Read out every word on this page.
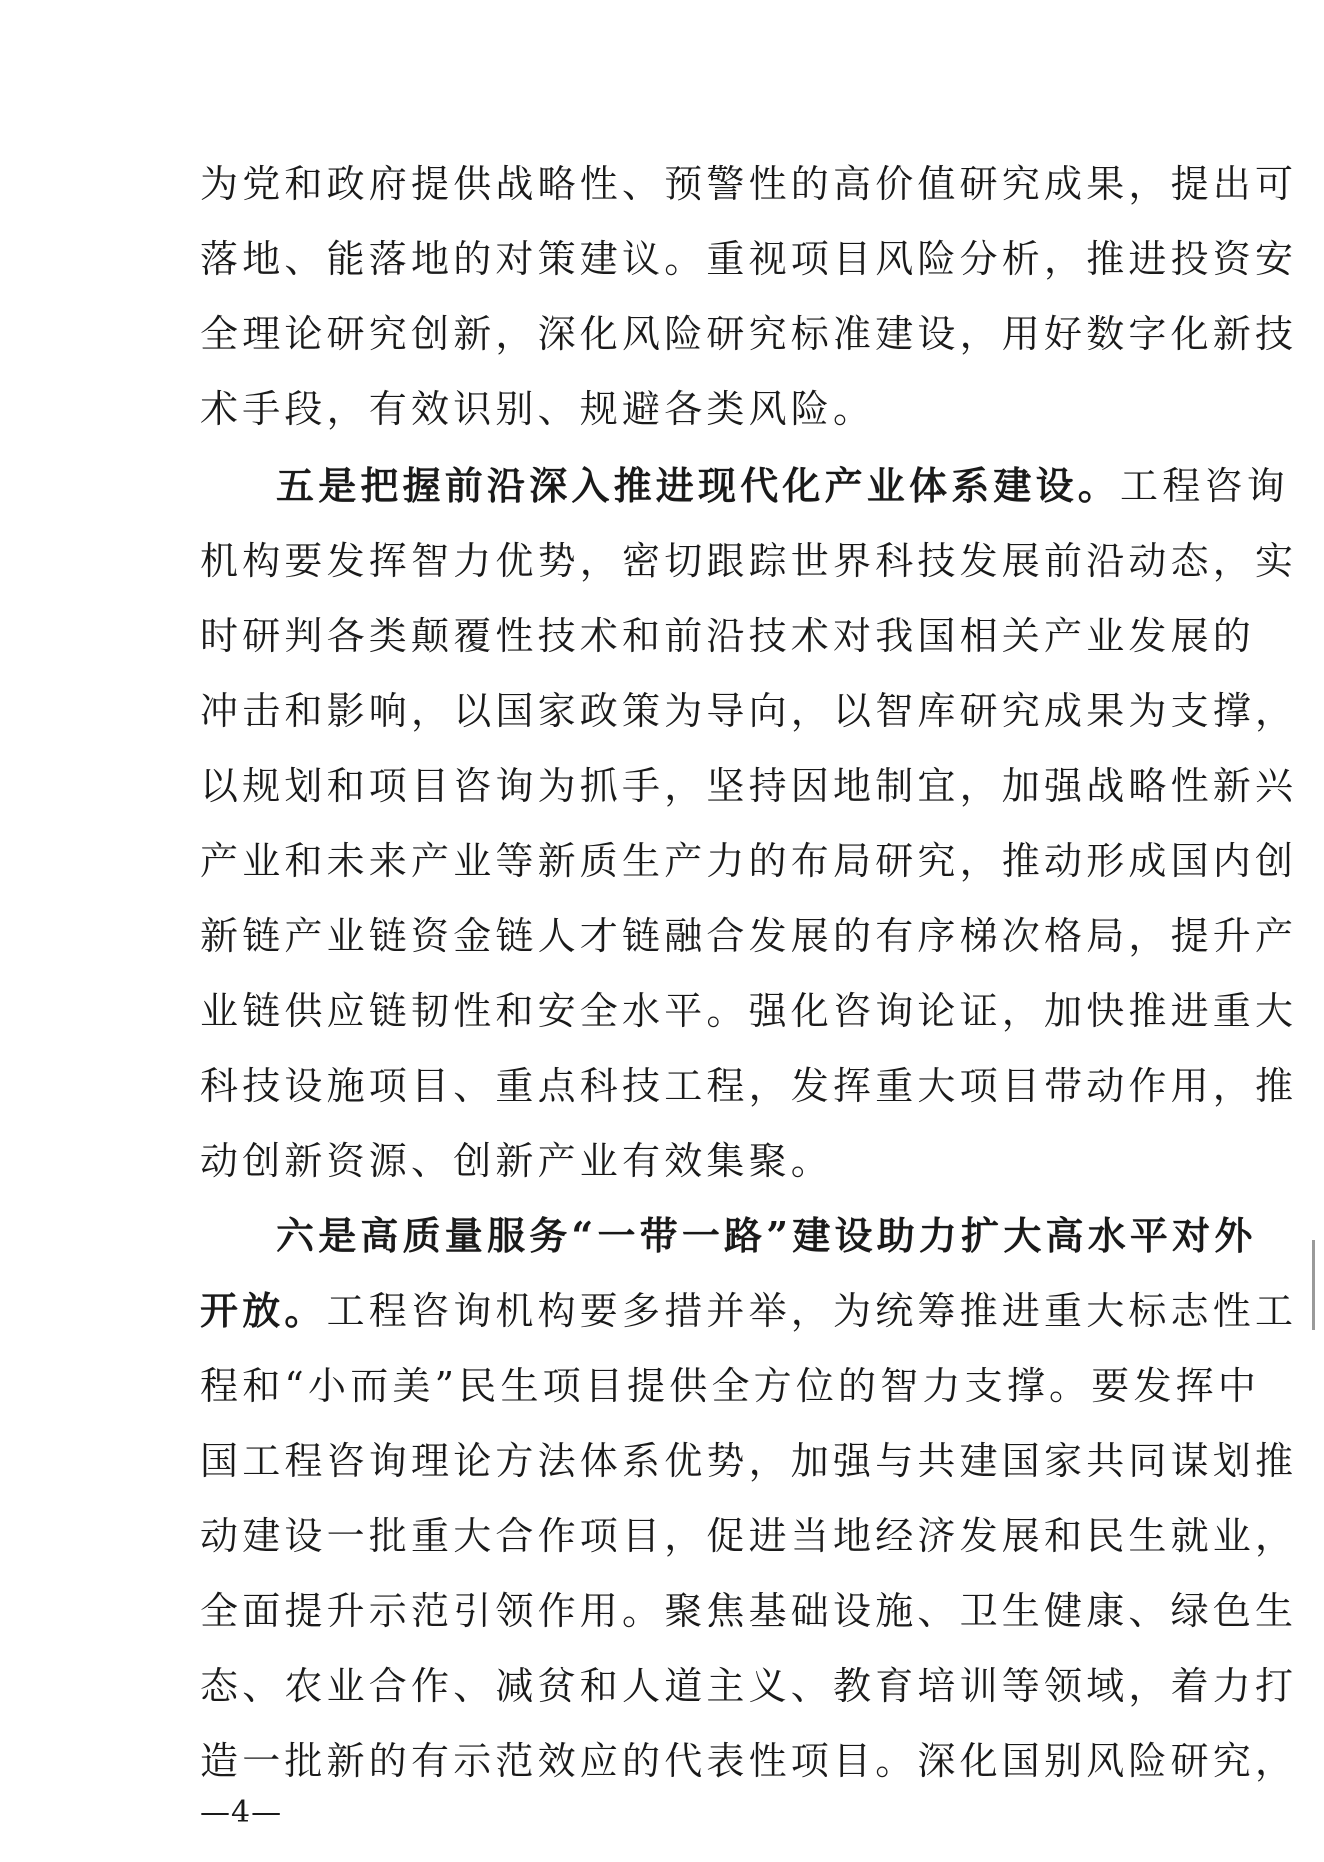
为党和政府提供战略性、预警性的高价值研究成果，提出可
落地、能落地的对策建议。重视项目风险分析，推进投资安
全理论研究创新，深化风险研究标准建设，用好数字化新技
术手段，有效识别、规避各类风险。
五是把握前沿深入推进现代化产业体系建设。工程咨询
机构要发挥智力优势，密切跟踪世界科技发展前沿动态，实
时研判各类颠覆性技术和前沿技术对我国相关产业发展的
冲击和影响，以国家政策为导向，以智库研究成果为支撑，
以规划和项目咨询为抓手，坚持因地制宜，加强战略性新兴
产业和未来产业等新质生产力的布局研究，推动形成国内创
新链产业链资金链人才链融合发展的有序梯次格局，提升产
业链供应链韧性和安全水平。强化咨询论证，加快推进重大
科技设施项目、重点科技工程，发挥重大项目带动作用，推
动创新资源、创新产业有效集聚。
六是高质量服务“一带一路”建设助力扩大高水平对外
开放。工程咨询机构要多措并举，为统筹推进重大标志性工
程和“小而美”民生项目提供全方位的智力支撑。要发挥中
国工程咨询理论方法体系优势，加强与共建国家共同谋划推
动建设一批重大合作项目，促进当地经济发展和民生就业，
全面提升示范引领作用。聚焦基础设施、卫生健康、绿色生
态、农业合作、减贫和人道主义、教育培训等领域，着力打
造一批新的有示范效应的代表性项目。深化国别风险研究，
—4—
